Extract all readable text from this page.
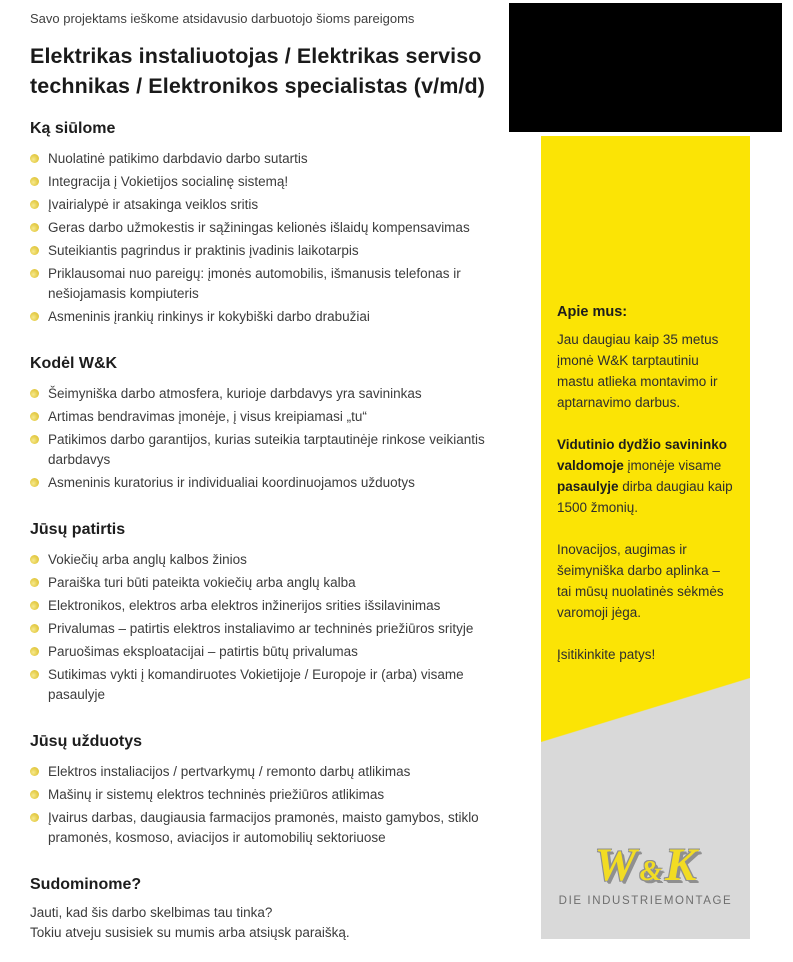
Savo projektams ieškome atsidavusio darbuotojo šioms pareigoms
Elektrikas instaliuotojas / Elektrikas serviso
technikas / Elektronikos specialistas (v/m/d)
Ką siūlome
Nuolatinė patikimo darbdavio darbo sutartis
Integracija į Vokietijos socialinę sistemą!
Įvairialypė ir atsakinga veiklos sritis
Geras darbo užmokestis ir sąžiningas kelionės išlaidų kompensavimas
Suteikiantis pagrindus ir praktinis įvadinis laikotarpis
Priklausomai nuo pareigų: įmonės automobilis, išmanusis telefonas ir nešiojamasis kompiuteris
Asmeninis įrankių rinkinys ir kokybiški darbo drabužiai
Kodėl W&K
Šeimyniška darbo atmosfera, kurioje darbdavys yra savininkas
Artimas bendravimas įmonėje, į visus kreipiamasi „tu“
Patikimos darbo garantijos, kurias suteikia tarptautinėje rinkose veikiantis darbdavys
Asmeninis kuratorius ir individualiai koordinuojamos užduotys
Jūsų patirtis
Vokiečių arba anglų kalbos žinios
Paraiška turi būti pateikta vokiečių arba anglų kalba
Elektronikos, elektros arba elektros inžinerijos srities išsilavinimas
Privalumas – patirtis elektros instaliavimo ar techninės priežiūros srityje
Paruošimas eksploatacijai – patirtis būtų privalumas
Sutikimas vykti į komandiruotes Vokietijoje / Europoje ir (arba) visame pasaulyje
Jūsų užduotys
Elektros instaliacijos / pertvarkymų / remonto darbų atlikimas
Mašinų ir sistemų elektros techninės priežiūros atlikimas
Įvairus darbas, daugiausia farmacijos pramonės, maisto gamybos, stiklo pramonės, kosmoso, aviacijos ir automobilių sektoriuose
Sudominome?
Jauti, kad šis darbo skelbimas tau tinka?
Tokiu atveju susisiek su mumis arba atsiųsk paraišką.
Apie mus:

Jau daugiau kaip 35 metus įmonė W&K tarptautiniu mastu atlieka montavimo ir aptarnavimo darbus.

Vidutinio dydžio savininko valdomoje įmonėje visame pasaulyje dirba daugiau kaip 1500 žmonių.

Inovacijos, augimas ir šeimyniška darbo aplinka – tai mūsų nuolatinės sėkmės varomoji jėga.

Įsitikinkite patys!

W &K
DIE INDUSTRIEMONTAGE
